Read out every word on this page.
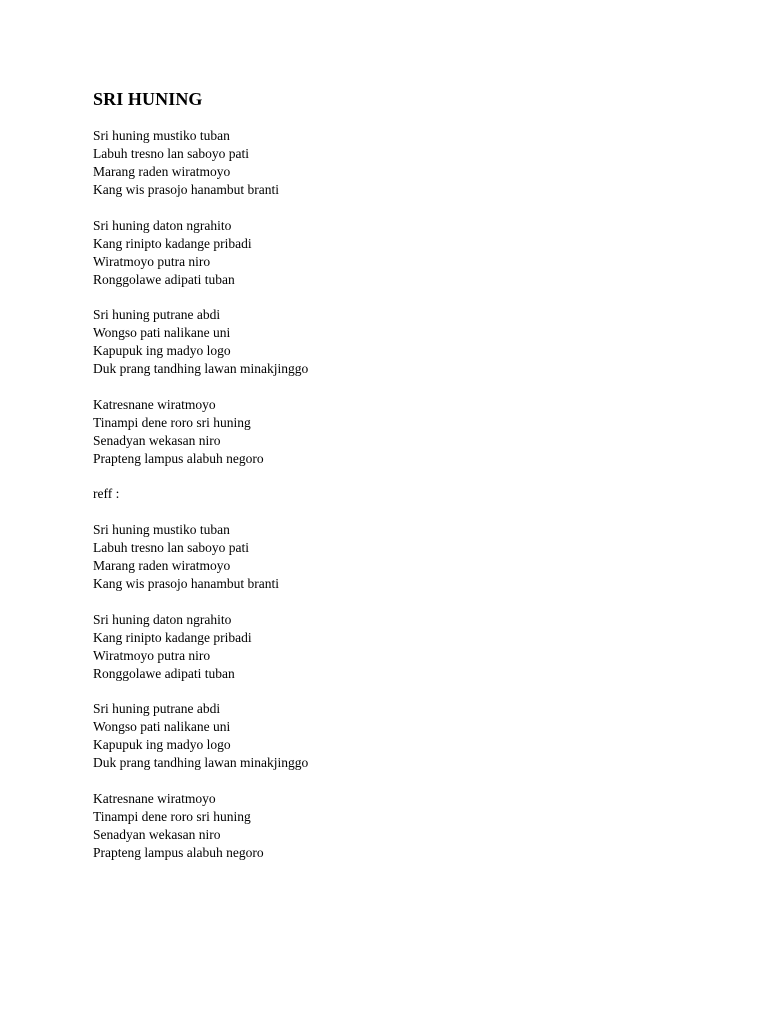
SRI HUNING
Sri huning mustiko tuban
Labuh tresno lan saboyo pati
Marang raden wiratmoyo
Kang wis prasojo hanambut branti
Sri huning daton ngrahito
Kang rinipto kadange pribadi
Wiratmoyo putra niro
Ronggolawe adipati tuban
Sri huning putrane abdi
Wongso pati nalikane uni
Kapupuk ing madyo logo
Duk prang tandhing lawan minakjinggo
Katresnane wiratmoyo
Tinampi dene roro sri huning
Senadyan wekasan niro
Prapteng lampus alabuh negoro
reff :
Sri huning mustiko tuban
Labuh tresno lan saboyo pati
Marang raden wiratmoyo
Kang wis prasojo hanambut branti
Sri huning daton ngrahito
Kang rinipto kadange pribadi
Wiratmoyo putra niro
Ronggolawe adipati tuban
Sri huning putrane abdi
Wongso pati nalikane uni
Kapupuk ing madyo logo
Duk prang tandhing lawan minakjinggo
Katresnane wiratmoyo
Tinampi dene roro sri huning
Senadyan wekasan niro
Prapteng lampus alabuh negoro
